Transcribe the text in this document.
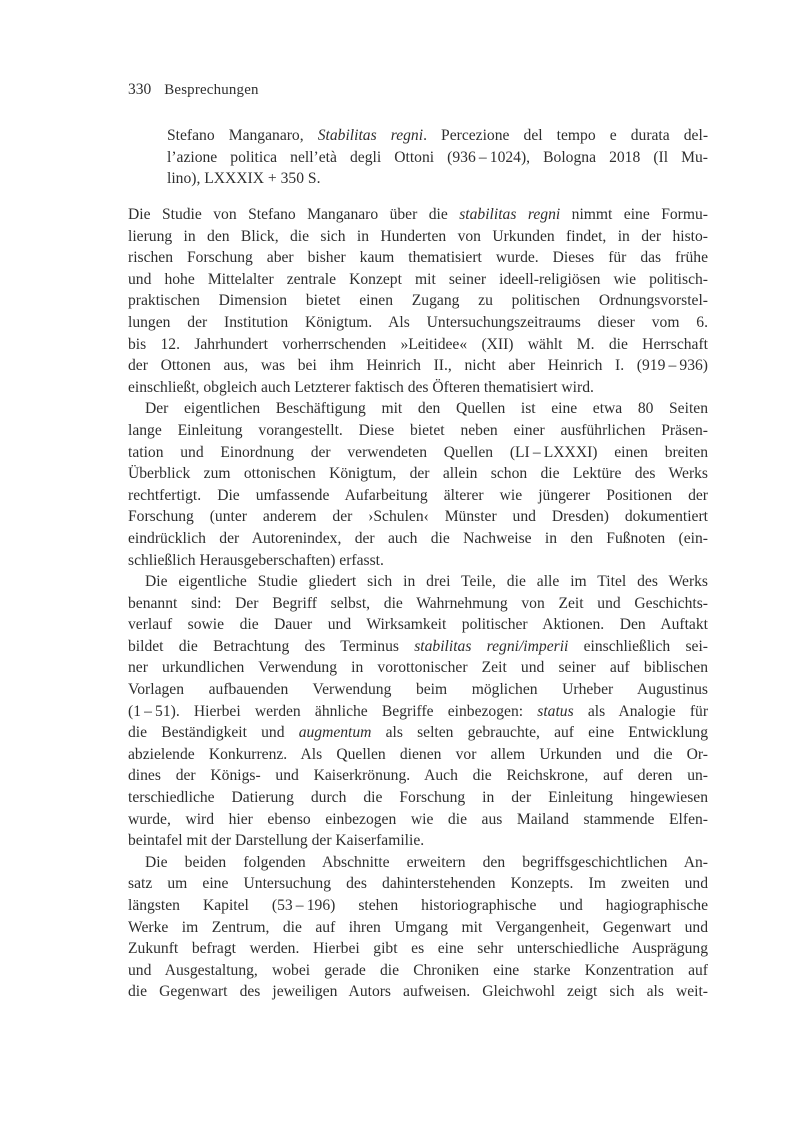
330 Besprechungen
Stefano Manganaro, Stabilitas regni. Percezione del tempo e durata del-
l’azione politica nell’età degli Ottoni (936 – 1024), Bologna 2018 (Il Mu-
lino), LXXXIX + 350 S.
Die Studie von Stefano Manganaro über die stabilitas regni nimmt eine Formu-
lierung in den Blick, die sich in Hunderten von Urkunden findet, in der histo-
rischen Forschung aber bisher kaum thematisiert wurde. Dieses für das frühe
und hohe Mittelalter zentrale Konzept mit seiner ideell-religiösen wie politisch-
praktischen Dimension bietet einen Zugang zu politischen Ordnungsvorstel-
lungen der Institution Königtum. Als Untersuchungszeitraums dieser vom 6.
bis 12. Jahrhundert vorherrschenden »Leitidee« (XII) wählt M. die Herrschaft
der Ottonen aus, was bei ihm Heinrich II., nicht aber Heinrich I. (919 – 936)
einschließt, obgleich auch Letzterer faktisch des Öfteren thematisiert wird.
Der eigentlichen Beschäftigung mit den Quellen ist eine etwa 80 Seiten
lange Einleitung vorangestellt. Diese bietet neben einer ausführlichen Präsen-
tation und Einordnung der verwendeten Quellen (LI – LXXXI) einen breiten
Überblick zum ottonischen Königtum, der allein schon die Lektüre des Werks
rechtfertigt. Die umfassende Aufarbeitung älterer wie jüngerer Positionen der
Forschung (unter anderem der ›Schulen‹ Münster und Dresden) dokumentiert
eindrücklich der Autorenindex, der auch die Nachweise in den Fußnoten (ein-
schließlich Herausgeberschaften) erfasst.
Die eigentliche Studie gliedert sich in drei Teile, die alle im Titel des Werks
benannt sind: Der Begriff selbst, die Wahrnehmung von Zeit und Geschichts-
verlauf sowie die Dauer und Wirksamkeit politischer Aktionen. Den Auftakt
bildet die Betrachtung des Terminus stabilitas regni/imperii einschließlich sei-
ner urkundlichen Verwendung in vorottonischer Zeit und seiner auf biblischen
Vorlagen aufbauenden Verwendung beim möglichen Urheber Augustinus
(1 – 51). Hierbei werden ähnliche Begriffe einbezogen: status als Analogie für
die Beständigkeit und augmentum als selten gebrauchte, auf eine Entwicklung
abzielende Konkurrenz. Als Quellen dienen vor allem Urkunden und die Or-
dines der Königs- und Kaiserkrönung. Auch die Reichskrone, auf deren un-
terschiedliche Datierung durch die Forschung in der Einleitung hingewiesen
wurde, wird hier ebenso einbezogen wie die aus Mailand stammende Elfen-
beintafel mit der Darstellung der Kaiserfamilie.
Die beiden folgenden Abschnitte erweitern den begriffsgeschichtlichen An-
satz um eine Untersuchung des dahinterstehenden Konzepts. Im zweiten und
längsten Kapitel (53 – 196) stehen historiographische und hagiographische
Werke im Zentrum, die auf ihren Umgang mit Vergangenheit, Gegenwart und
Zukunft befragt werden. Hierbei gibt es eine sehr unterschiedliche Ausprägung
und Ausgestaltung, wobei gerade die Chroniken eine starke Konzentration auf
die Gegenwart des jeweiligen Autors aufweisen. Gleichwohl zeigt sich als weit-
